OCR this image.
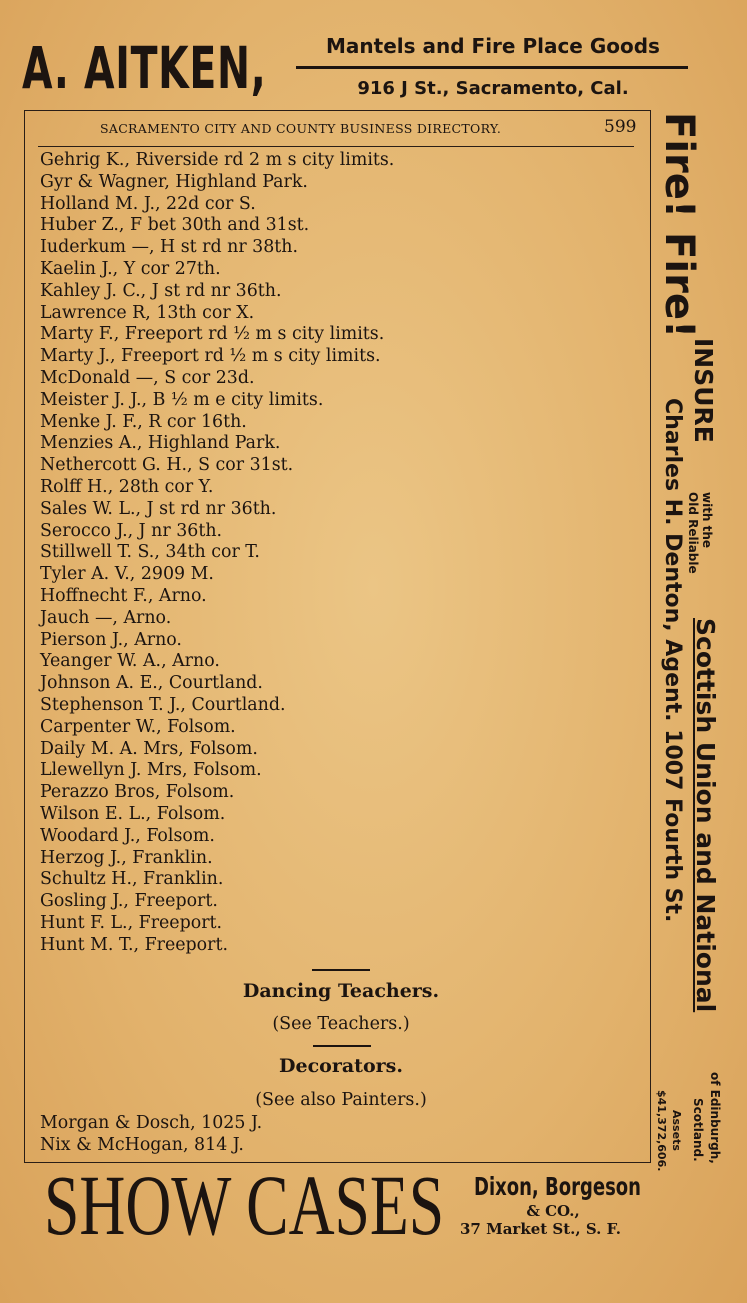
A. AITKEN,	Mantels and Fire Place Goods
916 J St., Sacramento, Cal.
SACRAMENTO CITY AND COUNTY BUSINESS DIRECTORY.	599
Gehrig K., Riverside rd 2 m s city limits.
Gyr & Wagner, Highland Park.
Holland M. J., 22d cor S.
Huber Z., F bet 30th and 31st.
Iuderkum —, H st rd nr 38th.
Kaelin J., Y cor 27th.
Kahley J. C., J st rd nr 36th.
Lawrence R, 13th cor X.
Marty F., Freeport rd ½ m s city limits.
Marty J., Freeport rd ½ m s city limits.
McDonald —, S cor 23d.
Meister J. J., B ½ m e city limits.
Menke J. F., R cor 16th.
Menzies A., Highland Park.
Nethercott G. H., S cor 31st.
Rolff H., 28th cor Y.
Sales W. L., J st rd nr 36th.
Serocco J., J nr 36th.
Stillwell T. S., 34th cor T.
Tyler A. V., 2909 M.
Hoffnecht F., Arno.
Jauch —, Arno.
Pierson J., Arno.
Yeanger W. A., Arno.
Johnson A. E., Courtland.
Stephenson T. J., Courtland.
Carpenter W., Folsom.
Daily M. A. Mrs, Folsom.
Llewellyn J. Mrs, Folsom.
Perazzo Bros, Folsom.
Wilson E. L., Folsom.
Woodard J., Folsom.
Herzog J., Franklin.
Schultz H., Franklin.
Gosling J., Freeport.
Hunt F. L., Freeport.
Hunt M. T., Freeport.
Dancing Teachers.
(See Teachers.)
Decorators.
(See also Painters.)
Morgan & Dosch, 1025 J.
Nix & McHogan, 814 J.
SHOW CASES Dixon, Borgeson
& CO.,
37 Market St., S. F.
Fire! Fire!
INSURE
with the
Old Reliable
Charles H. Denton, Agent. 1007 Fourth St. Scottish Union and National
of Edinburgh,
Scotland.
Assets
$41,372,606.
